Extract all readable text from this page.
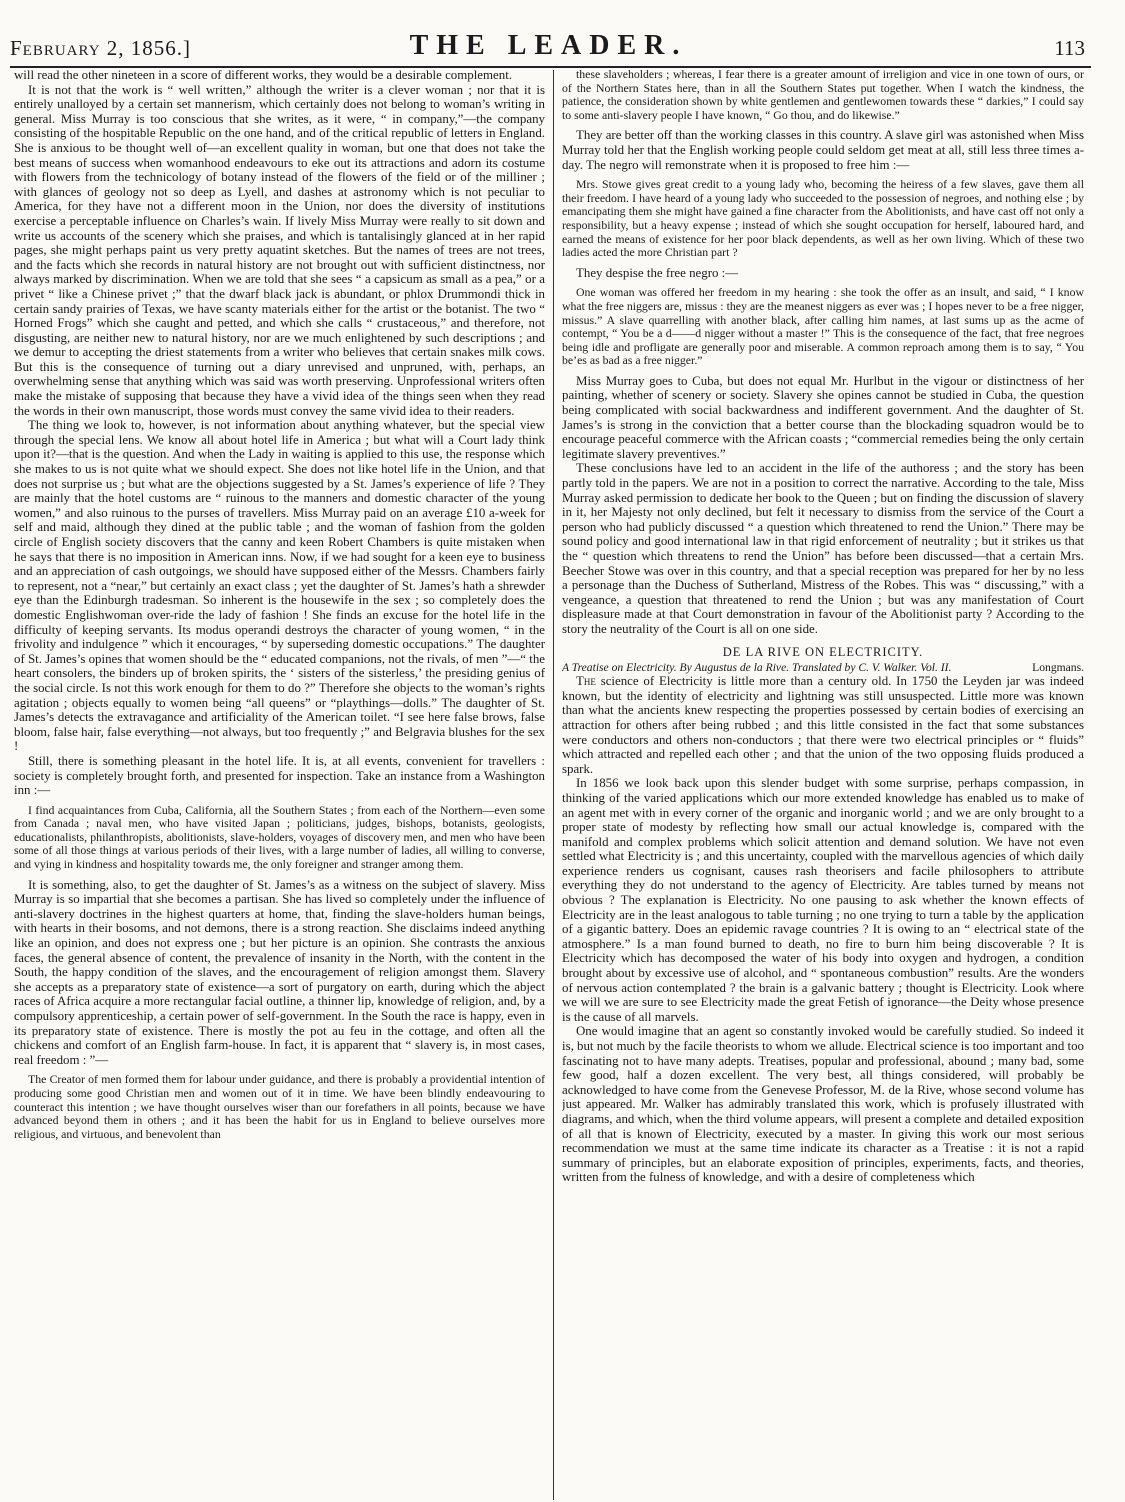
February 2, 1856.]	THE LEADER.	113

will read the other nineteen in a score of different works, they would be a desirable complement.

It is not that the work is “ well written,” although the writer is a clever woman ; nor that it is entirely unalloyed by a certain set mannerism, which certainly does not belong to woman’s writing in general. Miss Murray is too conscious that she writes, as it were, “ in company,”—the company consisting of the hospitable Republic on the one hand, and of the critical republic of letters in England. She is anxious to be thought well of—an excellent quality in woman, but one that does not take the best means of success when womanhood endeavours to eke out its attractions and adorn its costume with flowers from the technicology of botany instead of the flowers of the field or of the milliner ; with glances of geology not so deep as Lyell, and dashes at astronomy which is not peculiar to America, for they have not a different moon in the Union, nor does the diversity of institutions exercise a perceptable influence on Charles’s wain. If lively Miss Murray were really to sit down and write us accounts of the scenery which she praises, and which is tantalisingly glanced at in her rapid pages, she might perhaps paint us very pretty aquatint sketches. But the names of trees are not trees, and the facts which she records in natural history are not brought out with sufficient distinctness, nor always marked by discrimination. When we are told that she sees “ a capsicum as small as a pea,” or a privet “ like a Chinese privet ;” that the dwarf black jack is abundant, or phlox Drummondi thick in certain sandy prairies of Texas, we have scanty materials either for the artist or the botanist. The two “ Horned Frogs” which she caught and petted, and which she calls “ crustaceous,” and therefore, not disgusting, are neither new to natural history, nor are we much enlightened by such descriptions ; and we demur to accepting the driest statements from a writer who believes that certain snakes milk cows. But this is the consequence of turning out a diary unrevised and unpruned, with, perhaps, an overwhelming sense that anything which was said was worth preserving. Unprofessional writers often make the mistake of supposing that because they have a vivid idea of the things seen when they read the words in their own manuscript, those words must convey the same vivid idea to their readers.

The thing we look to, however, is not information about anything whatever, but the special view through the special lens. We know all about hotel life in America ; but what will a Court lady think upon it?—that is the question. And when the Lady in waiting is applied to this use, the response which she makes to us is not quite what we should expect. She does not like hotel life in the Union, and that does not surprise us ; but what are the objections suggested by a St. James’s experience of life ? They are mainly that the hotel customs are “ ruinous to the manners and domestic character of the young women,” and also ruinous to the purses of travellers. Miss Murray paid on an average £10 a-week for self and maid, although they dined at the public table ; and the woman of fashion from the golden circle of English society discovers that the canny and keen Robert Chambers is quite mistaken when he says that there is no imposition in American inns. Now, if we had sought for a keen eye to business and an appreciation of cash outgoings, we should have supposed either of the Messrs. Chambers fairly to represent, not a “near,” but certainly an exact class ; yet the daughter of St. James’s hath a shrewder eye than the Edinburgh tradesman. So inherent is the housewife in the sex ; so completely does the domestic Englishwoman over-ride the lady of fashion ! She finds an excuse for the hotel life in the difficulty of keeping servants. Its modus operandi destroys the character of young women, “ in the frivolity and indulgence ” which it encourages, “ by superseding domestic occupations.” The daughter of St. James’s opines that women should be the “ educated companions, not the rivals, of men ”—“ the heart consolers, the binders up of broken spirits, the ‘ sisters of the sisterless,’ the presiding genius of the social circle. Is not this work enough for them to do ?” Therefore she objects to the woman’s rights agitation ; objects equally to women being “all queens” or “playthings—dolls.” The daughter of St. James’s detects the extravagance and artificiality of the American toilet. “I see here false brows, false bloom, false hair, false everything—not always, but too frequently ;” and Belgravia blushes for the sex !

Still, there is something pleasant in the hotel life. It is, at all events, convenient for travellers : society is completely brought forth, and presented for inspection. Take an instance from a Washington inn :—

I find acquaintances from Cuba, California, all the Southern States ; from each of the Northern—even some from Canada ; naval men, who have visited Japan ; politicians, judges, bishops, botanists, geologists, educationalists, philanthropists, abolitionists, slave-holders, voyages of discovery men, and men who have been some of all those things at various periods of their lives, with a large number of ladies, all willing to converse, and vying in kindness and hospitality towards me, the only foreigner and stranger among them.

It is something, also, to get the daughter of St. James’s as a witness on the subject of slavery. Miss Murray is so impartial that she becomes a partisan. She has lived so completely under the influence of anti-slavery doctrines in the highest quarters at home, that, finding the slave-holders human beings, with hearts in their bosoms, and not demons, there is a strong reaction. She disclaims indeed anything like an opinion, and does not express one ; but her picture is an opinion. She contrasts the anxious faces, the general absence of content, the prevalence of insanity in the North, with the content in the South, the happy condition of the slaves, and the encouragement of religion amongst them. Slavery she accepts as a preparatory state of existence—a sort of purgatory on earth, during which the abject races of Africa acquire a more rectangular facial outline, a thinner lip, knowledge of religion, and, by a compulsory apprenticeship, a certain power of self-government. In the South the race is happy, even in its preparatory state of existence. There is mostly the pot au feu in the cottage, and often all the chickens and comfort of an English farm-house. In fact, it is apparent that “ slavery is, in most cases, real freedom : ”—

The Creator of men formed them for labour under guidance, and there is probably a providential intention of producing some good Christian men and women out of it in time. We have been blindly endeavouring to counteract this intention ; we have thought ourselves wiser than our forefathers in all points, because we have advanced beyond them in others ; and it has been the habit for us in England to believe ourselves more religious, and virtuous, and benevolent than

these slaveholders ; whereas, I fear there is a greater amount of irreligion and vice in one town of ours, or of the Northern States here, than in all the Southern States put together. When I watch the kindness, the patience, the consideration shown by white gentlemen and gentlewomen towards these “ darkies,” I could say to some anti-slavery people I have known, “ Go thou, and do likewise.”

They are better off than the working classes in this country. A slave girl was astonished when Miss Murray told her that the English working people could seldom get meat at all, still less three times a-day. The negro will remonstrate when it is proposed to free him :—

Mrs. Stowe gives great credit to a young lady who, becoming the heiress of a few slaves, gave them all their freedom. I have heard of a young lady who succeeded to the possession of negroes, and nothing else ; by emancipating them she might have gained a fine character from the Abolitionists, and have cast off not only a responsibility, but a heavy expense ; instead of which she sought occupation for herself, laboured hard, and earned the means of existence for her poor black dependents, as well as her own living. Which of these two ladies acted the more Christian part ?

They despise the free negro :—

One woman was offered her freedom in my hearing : she took the offer as an insult, and said, “ I know what the free niggers are, missus : they are the meanest niggers as ever was ; I hopes never to be a free nigger, missus.” A slave quarrelling with another black, after calling him names, at last sums up as the acme of contempt, “ You be a d——d nigger without a master !” This is the consequence of the fact, that free negroes being idle and profligate are generally poor and miserable. A common reproach among them is to say, “ You be’es as bad as a free nigger.”

Miss Murray goes to Cuba, but does not equal Mr. Hurlbut in the vigour or distinctness of her painting, whether of scenery or society. Slavery she opines cannot be studied in Cuba, the question being complicated with social backwardness and indifferent government. And the daughter of St. James’s is strong in the conviction that a better course than the blockading squadron would be to encourage peaceful commerce with the African coasts ; “commercial remedies being the only certain legitimate slavery preventives.”

These conclusions have led to an accident in the life of the authoress ; and the story has been partly told in the papers. We are not in a position to correct the narrative. According to the tale, Miss Murray asked permission to dedicate her book to the Queen ; but on finding the discussion of slavery in it, her Majesty not only declined, but felt it necessary to dismiss from the service of the Court a person who had publicly discussed “ a question which threatened to rend the Union.” There may be sound policy and good international law in that rigid enforcement of neutrality ; but it strikes us that the “ question which threatens to rend the Union” has before been discussed—that a certain Mrs. Beecher Stowe was over in this country, and that a special reception was prepared for her by no less a personage than the Duchess of Sutherland, Mistress of the Robes. This was “ discussing,” with a vengeance, a question that threatened to rend the Union ; but was any manifestation of Court displeasure made at that Court demonstration in favour of the Abolitionist party ? According to the story the neutrality of the Court is all on one side.

DE LA RIVE ON ELECTRICITY.

Longmans.
A Treatise on Electricity. By Augustus de la Rive. Translated by C. V. Walker. Vol. II.

The science of Electricity is little more than a century old. In 1750 the Leyden jar was indeed known, but the identity of electricity and lightning was still unsuspected. Little more was known than what the ancients knew respecting the properties possessed by certain bodies of exercising an attraction for others after being rubbed ; and this little consisted in the fact that some substances were conductors and others non-conductors ; that there were two electrical principles or “ fluids” which attracted and repelled each other ; and that the union of the two opposing fluids produced a spark.

In 1856 we look back upon this slender budget with some surprise, perhaps compassion, in thinking of the varied applications which our more extended knowledge has enabled us to make of an agent met with in every corner of the organic and inorganic world ; and we are only brought to a proper state of modesty by reflecting how small our actual knowledge is, compared with the manifold and complex problems which solicit attention and demand solution. We have not even settled what Electricity is ; and this uncertainty, coupled with the marvellous agencies of which daily experience renders us cognisant, causes rash theorisers and facile philosophers to attribute everything they do not understand to the agency of Electricity. Are tables turned by means not obvious ? The explanation is Electricity. No one pausing to ask whether the known effects of Electricity are in the least analogous to table turning ; no one trying to turn a table by the application of a gigantic battery. Does an epidemic ravage countries ? It is owing to an “ electrical state of the atmosphere.” Is a man found burned to death, no fire to burn him being discoverable ? It is Electricity which has decomposed the water of his body into oxygen and hydrogen, a condition brought about by excessive use of alcohol, and “ spontaneous combustion” results. Are the wonders of nervous action contemplated ? the brain is a galvanic battery ; thought is Electricity. Look where we will we are sure to see Electricity made the great Fetish of ignorance—the Deity whose presence is the cause of all marvels.

One would imagine that an agent so constantly invoked would be carefully studied. So indeed it is, but not much by the facile theorists to whom we allude. Electrical science is too important and too fascinating not to have many adepts. Treatises, popular and professional, abound ; many bad, some few good, half a dozen excellent. The very best, all things considered, will probably be acknowledged to have come from the Genevese Professor, M. de la Rive, whose second volume has just appeared. Mr. Walker has admirably translated this work, which is profusely illustrated with diagrams, and which, when the third volume appears, will present a complete and detailed exposition of all that is known of Electricity, executed by a master. In giving this work our most serious recommendation we must at the same time indicate its character as a Treatise : it is not a rapid summary of principles, but an elaborate exposition of principles, experiments, facts, and theories, written from the fulness of knowledge, and with a desire of completeness which
